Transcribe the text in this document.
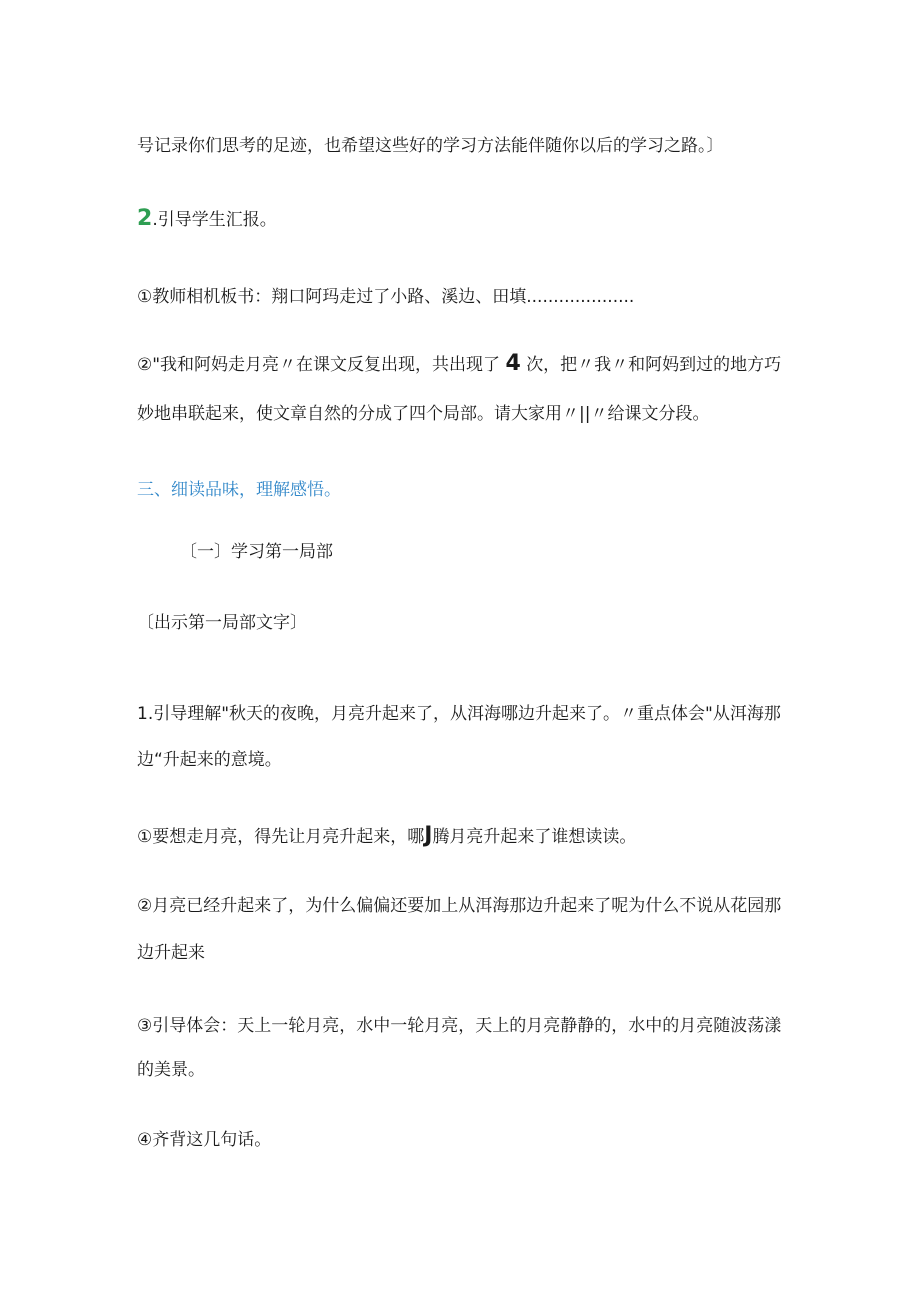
号记录你们思考的足迹，也希望这些好的学习方法能伴随你以后的学习之路。〕
2.引导学生汇报。
①教师相机板书：翔口阿玛走过了小路、溪边、田填....................
②"我和阿妈走月亮〃在课文反复出现，共出现了 4 次，把〃我〃和阿妈到过的地方巧
妙地串联起来，使文章自然的分成了四个局部。请大家用〃||〃给课文分段。
三、细读品味，理解感悟。
〔一〕学习第一局部
〔出示第一局部文字〕
1.引导理解"秋天的夜晚，月亮升起来了，从洱海哪边升起来了。〃重点体会"从洱海那
边“升起来的意境。
①要想走月亮，得先让月亮升起来，哪J腾月亮升起来了谁想读读。
②月亮已经升起来了，为什么偏偏还要加上从洱海那边升起来了呢为什么不说从花园那
边升起来
③引导体会：天上一轮月亮，水中一轮月亮，天上的月亮静静的，水中的月亮随波荡漾
的美景。
④齐背这几句话。
